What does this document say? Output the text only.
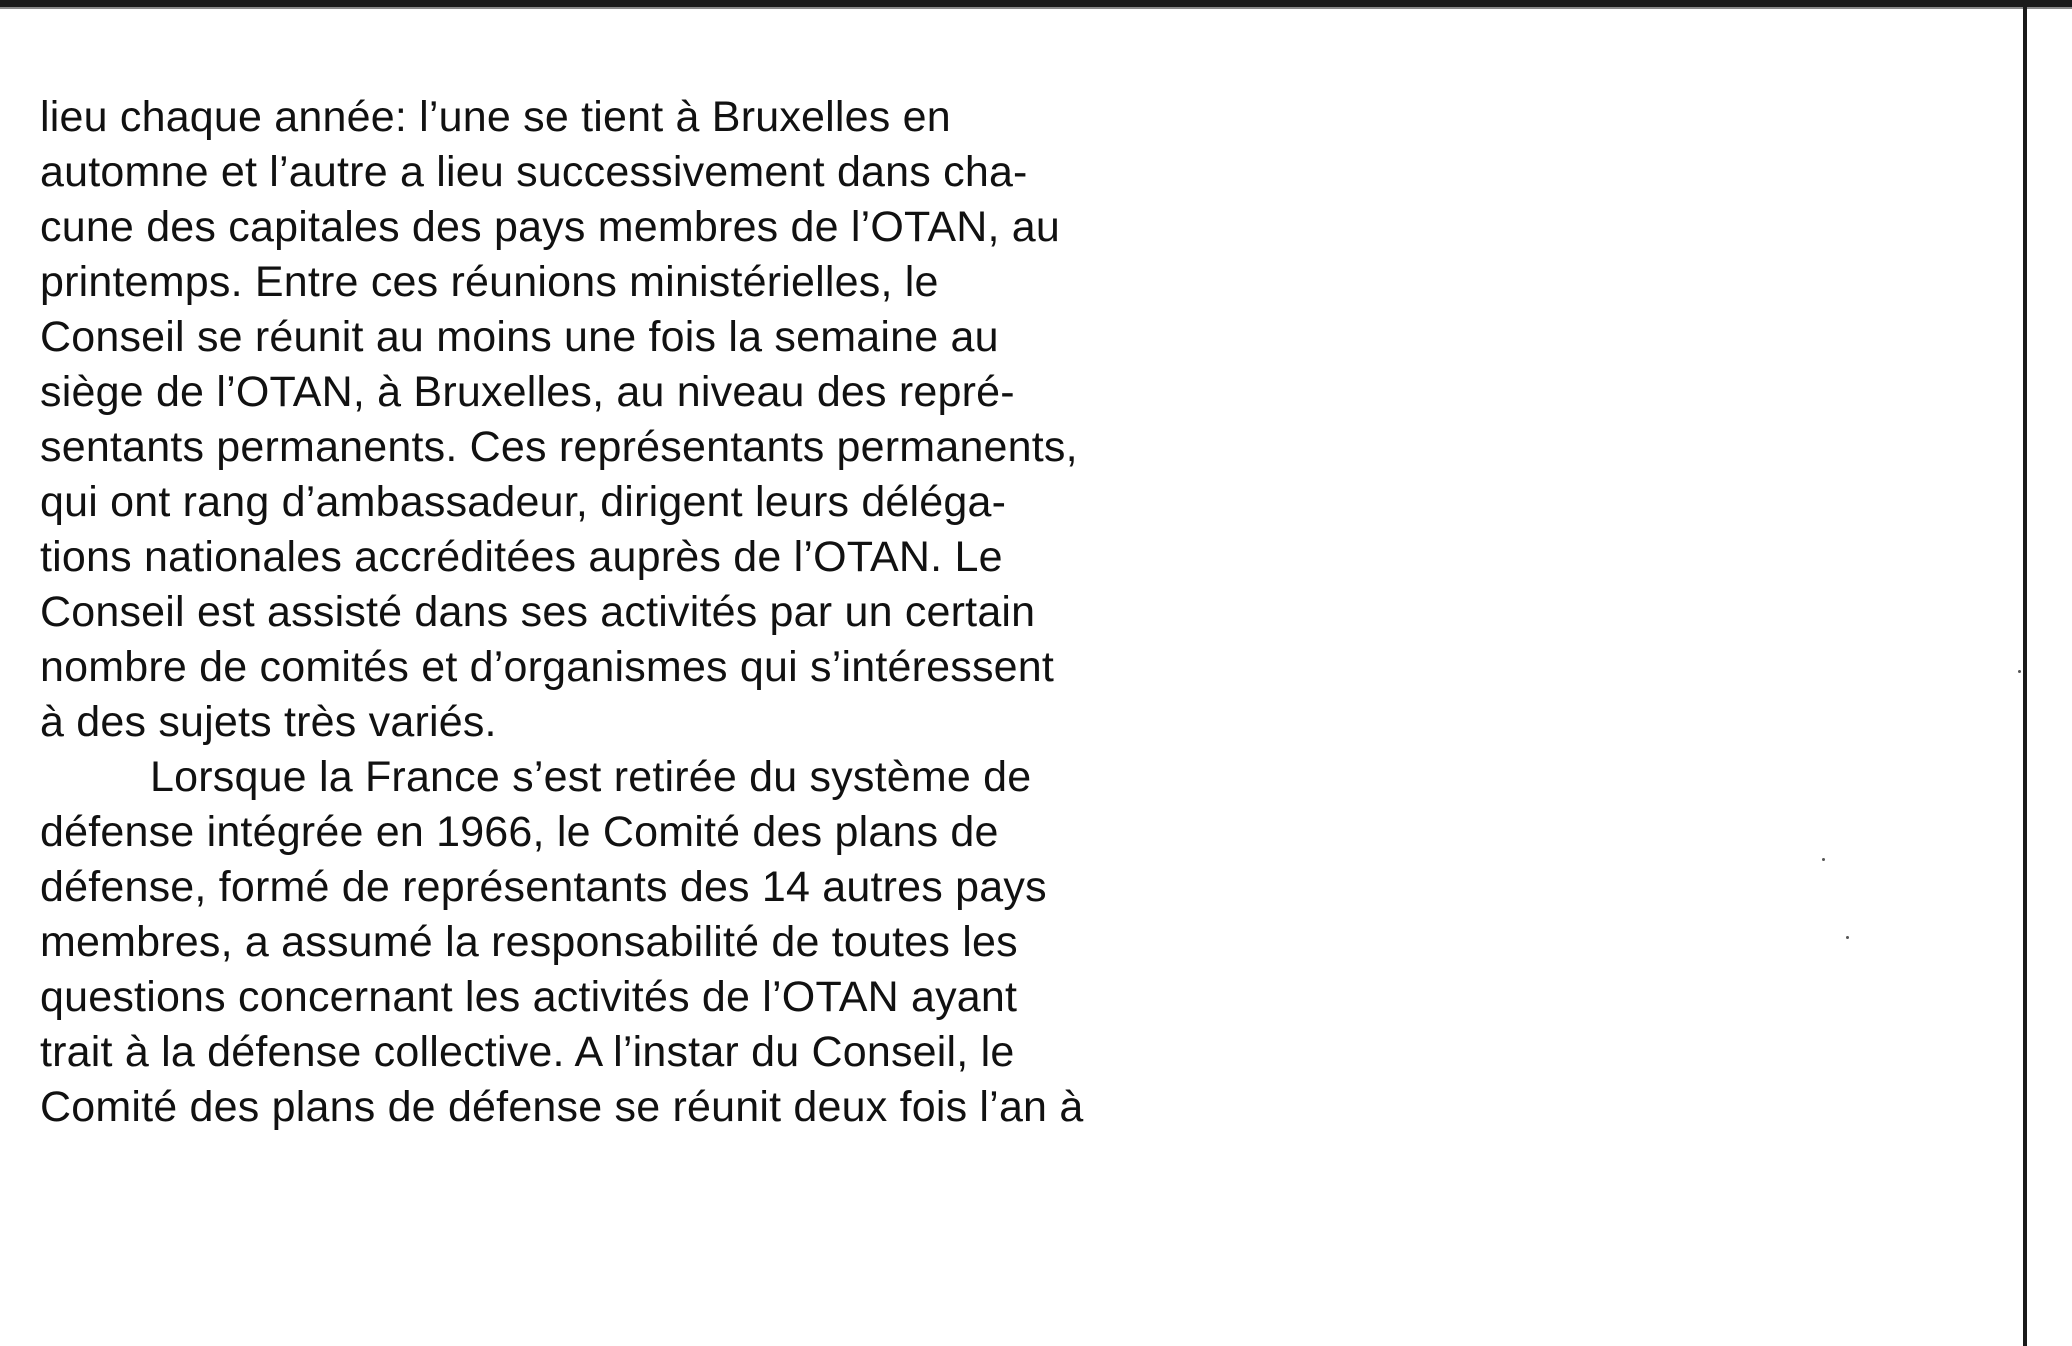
lieu chaque année: l’une se tient à Bruxelles en
automne et l’autre a lieu successivement dans cha-
cune des capitales des pays membres de l’OTAN, au
printemps. Entre ces réunions ministérielles, le
Conseil se réunit au moins une fois la semaine au
siège de l’OTAN, à Bruxelles, au niveau des repré-
sentants permanents. Ces représentants permanents,
qui ont rang d’ambassadeur, dirigent leurs déléga-
tions nationales accréditées auprès de l’OTAN. Le
Conseil est assisté dans ses activités par un certain
nombre de comités et d’organismes qui s’intéressent
à des sujets très variés.
Lorsque la France s’est retirée du système de
défense intégrée en 1966, le Comité des plans de
défense, formé de représentants des 14 autres pays
membres, a assumé la responsabilité de toutes les
questions concernant les activités de l’OTAN ayant
trait à la défense collective. A l’instar du Conseil, le
Comité des plans de défense se réunit deux fois l’an à
